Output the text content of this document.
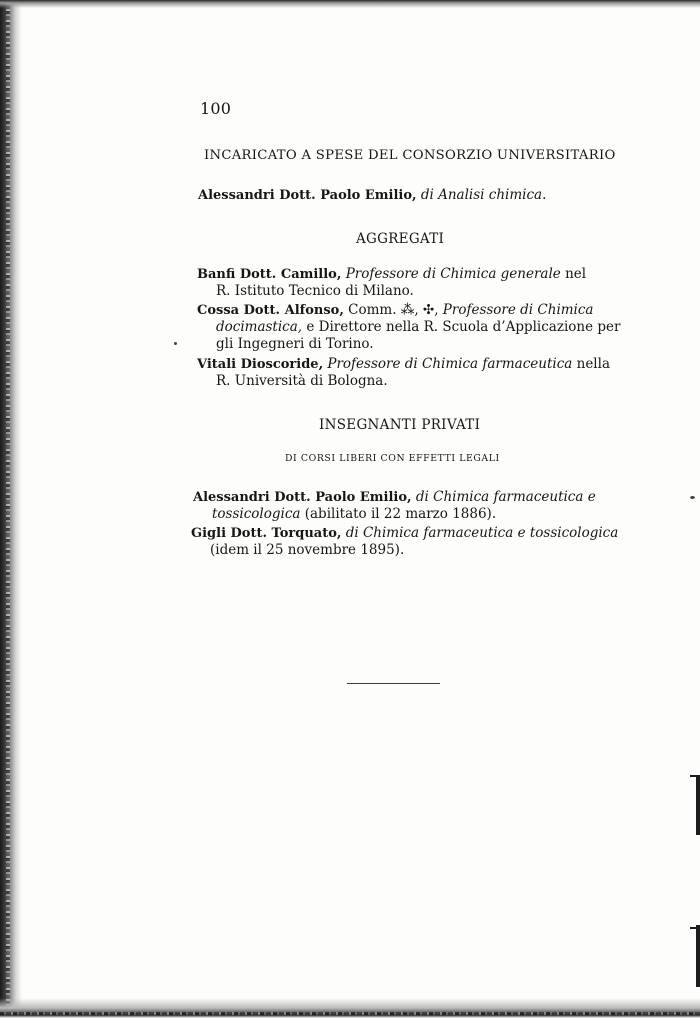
100
INCARICATO A SPESE DEL CONSORZIO UNIVERSITARIO
Alessandri Dott. Paolo Emilio, di Analisi chimica.
AGGREGATI
Banfi Dott. Camillo, Professore di Chimica generale nel
R. Istituto Tecnico di Milano.
Cossa Dott. Alfonso, Comm. ⁂, ✣, Professore di Chimica
docimastica, e Direttore nella R. Scuola d’Applicazione per
gli Ingegneri di Torino.
Vitali Dioscoride, Professore di Chimica farmaceutica nella
R. Università di Bologna.
INSEGNANTI PRIVATI
DI CORSI LIBERI CON EFFETTI LEGALI
Alessandri Dott. Paolo Emilio, di Chimica farmaceutica e
tossicologica (abilitato il 22 marzo 1886).
Gigli Dott. Torquato, di Chimica farmaceutica e tossicologica
(idem il 25 novembre 1895).
